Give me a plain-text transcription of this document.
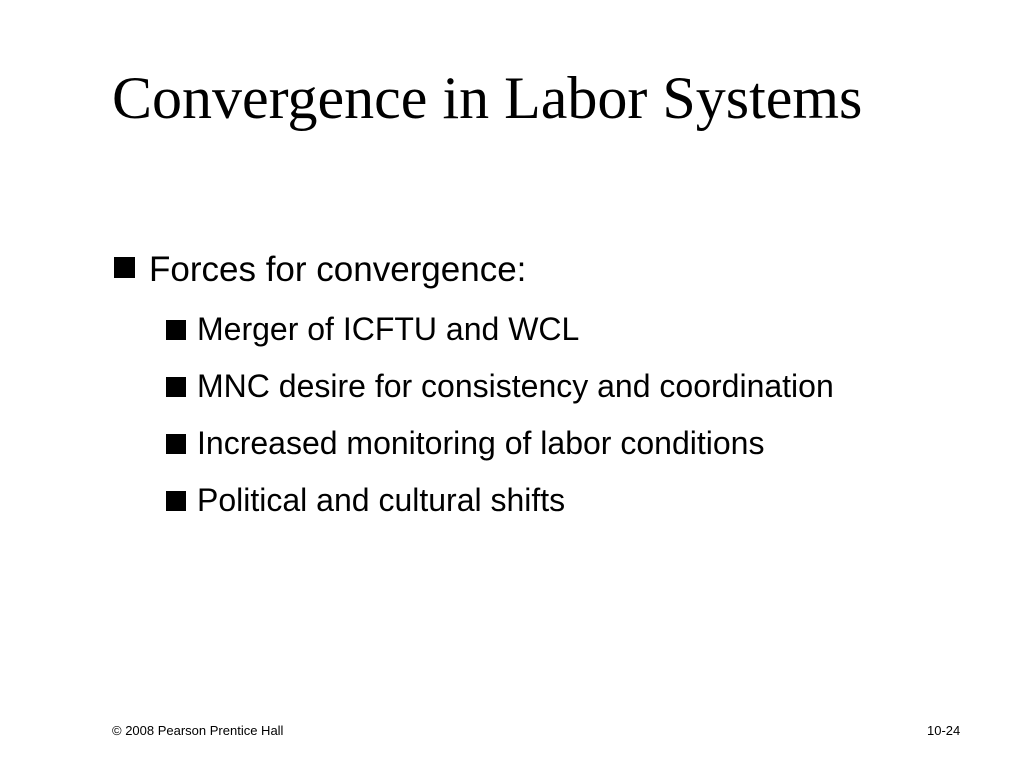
Convergence in Labor Systems
Forces for convergence:
Merger of ICFTU and WCL
MNC desire for consistency and coordination
Increased monitoring of labor conditions
Political and cultural shifts
© 2008 Pearson Prentice Hall	10-24
